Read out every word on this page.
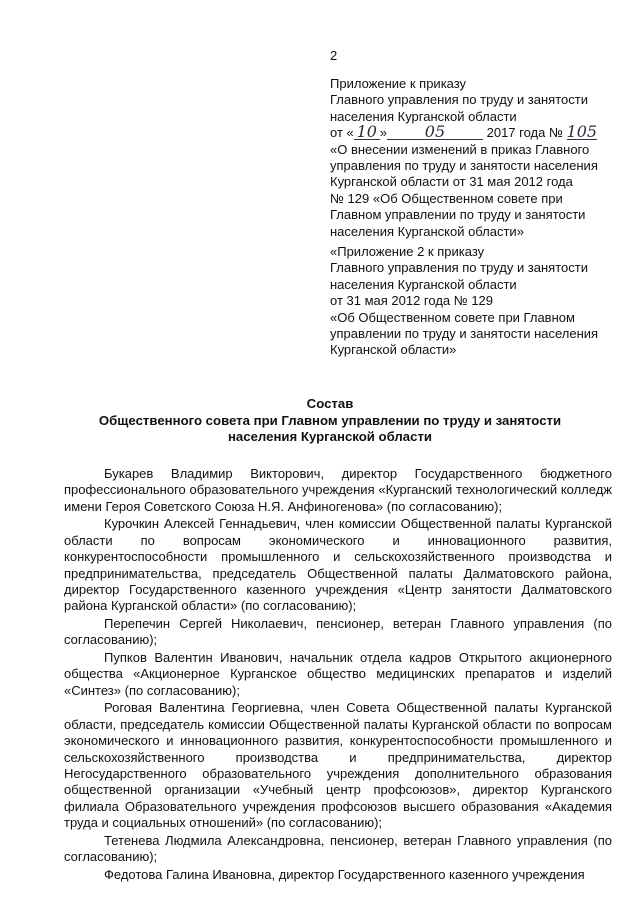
2
Приложение к приказу
Главного управления по труду и занятости
населения Курганской области
от « 10 » 05	2017 года № 105
«О внесении изменений в приказ Главного
управления по труду и занятости населения
Курганской области от 31 мая 2012 года
№ 129 «Об Общественном совете при
Главном управлении по труду и занятости
населения Курганской области»
«Приложение 2 к приказу
Главного управления по труду и занятости
населения Курганской области
от 31 мая 2012 года № 129
«Об Общественном совете при Главном
управлении по труду и занятости населения
Курганской области»
Состав
Общественного совета при Главном управлении по труду и занятости
населения Курганской области

Букарев Владимир Викторович, директор Государственного бюджетного профессионального образовательного учреждения «Курганский технологический колледж имени Героя Советского Союза Н.Я. Анфиногенова» (по согласованию);

Курочкин Алексей Геннадьевич, член комиссии Общественной палаты Курганской области по вопросам экономического и инновационного развития, конкурентоспособности промышленного и сельскохозяйственного производства и предпринимательства, председатель Общественной палаты Далматовского района, директор Государственного казенного учреждения «Центр занятости Далматовского района Курганской области» (по согласованию);

Перепечин Сергей Николаевич, пенсионер, ветеран Главного управления (по согласованию);

Пупков Валентин Иванович, начальник отдела кадров Открытого акционерного общества «Акционерное Курганское общество медицинских препаратов и изделий «Синтез» (по согласованию);

Роговая Валентина Георгиевна, член Совета Общественной палаты Курганской области, председатель комиссии Общественной палаты Курганской области по вопросам экономического и инновационного развития, конкурентоспособности промышленного и сельскохозяйственного производства и предпринимательства, директор Негосударственного образовательного учреждения дополнительного образования общественной организации «Учебный центр профсоюзов», директор Курганского филиала Образовательного учреждения профсоюзов высшего образования «Академия труда и социальных отношений» (по согласованию);

Тетенева Людмила Александровна, пенсионер, ветеран Главного управления (по согласованию);

Федотова Галина Ивановна, директор Государственного казенного учреждения
